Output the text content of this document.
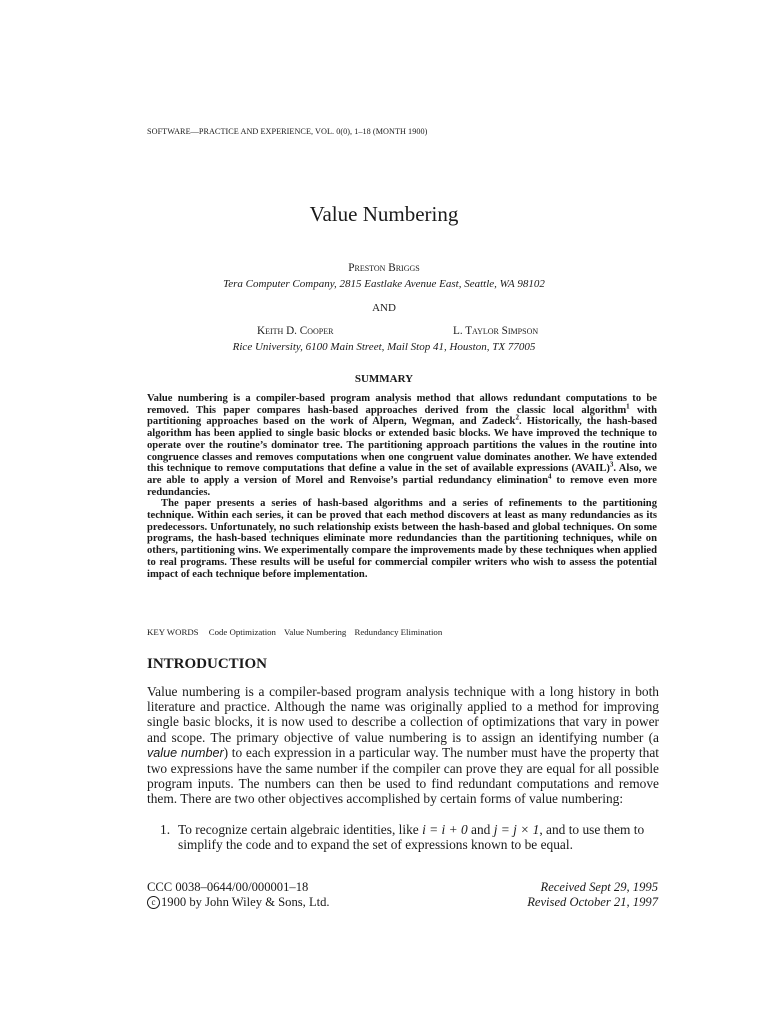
SOFTWARE—PRACTICE AND EXPERIENCE, VOL. 0(0), 1–18 (MONTH 1900)
Value Numbering
Preston Briggs
Tera Computer Company, 2815 Eastlake Avenue East, Seattle, WA 98102
AND
Keith D. Cooper	L. Taylor Simpson
Rice University, 6100 Main Street, Mail Stop 41, Houston, TX 77005
SUMMARY

Value numbering is a compiler-based program analysis method that allows redundant computations to be removed. This paper compares hash-based approaches derived from the classic local algorithm$^1$ with partitioning approaches based on the work of Alpern, Wegman, and Zadeck$^2$. Historically, the hash-based algorithm has been applied to single basic blocks or extended basic blocks. We have improved the technique to operate over the routine’s dominator tree. The partitioning approach partitions the values in the routine into congruence classes and removes computations when one congruent value dominates another. We have extended this technique to remove computations that define a value in the set of available expressions (AVAIL)$^3$. Also, we are able to apply a version of Morel and Renvoise’s partial redundancy elimination$^4$ to remove even more redundancies.

The paper presents a series of hash-based algorithms and a series of refinements to the partitioning technique. Within each series, it can be proved that each method discovers at least as many redundancies as its predecessors. Unfortunately, no such relationship exists between the hash-based and global techniques. On some programs, the hash-based techniques eliminate more redundancies than the partitioning techniques, while on others, partitioning wins. We experimentally compare the improvements made by these techniques when applied to real programs. These results will be useful for commercial compiler writers who wish to assess the potential impact of each technique before implementation.

KEY WORDS Code Optimization Value Numbering Redundancy Elimination
INTRODUCTION

Value numbering is a compiler-based program analysis technique with a long history in both literature and practice. Although the name was originally applied to a method for improving single basic blocks, it is now used to describe a collection of optimizations that vary in power and scope. The primary objective of value numbering is to assign an identifying number (a value number) to each expression in a particular way. The number must have the property that two expressions have the same number if the compiler can prove they are equal for all possible program inputs. The numbers can then be used to find redundant computations and remove them. There are two other objectives accomplished by certain forms of value numbering:

1. To recognize certain algebraic identities, like i = i + 0 and j = j × 1, and to use them to simplify the code and to expand the set of expressions known to be equal.
CCC 0038–0644/00/000001–18
c 1900 by John Wiley & Sons, Ltd.
Received Sept 29, 1995
Revised October 21, 1997
